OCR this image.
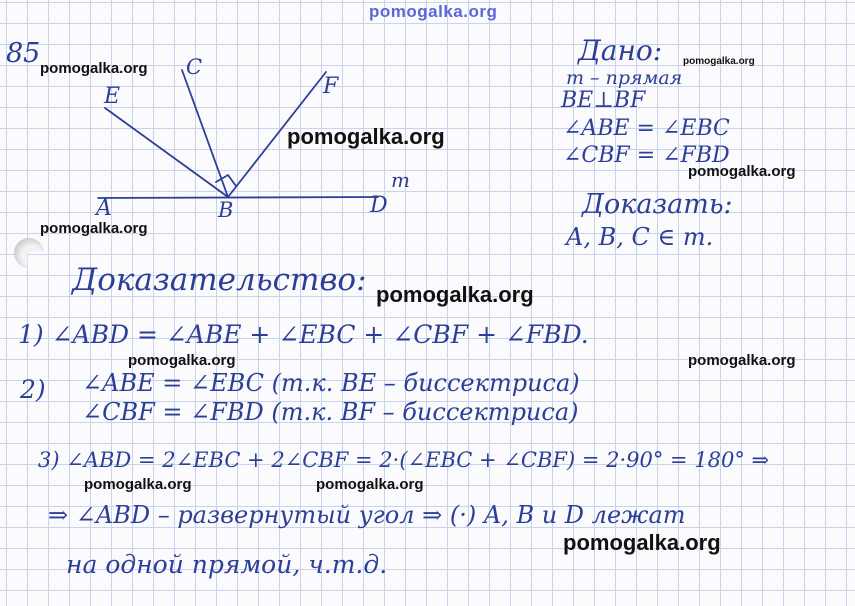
pomogalka.org
85
A	B
C
D
E	F
m
Дано:
m – прямая
BE⊥BF
∠ABE = ∠EBC
∠CBF = ∠FBD
Доказать:
A, B, C ∈ m.
Доказательство:
1) ∠ABD = ∠ABE + ∠EBC + ∠CBF + ∠FBD.
2) ∠ABE = ∠EBC (т.к. BE – биссектриса)
∠CBF = ∠FBD (т.к. BF – биссектриса)
3) ∠ABD = 2∠EBC + 2∠CBF = 2·(∠EBC + ∠CBF) = 2·90° = 180° ⇒
⇒ ∠ABD – развернутый угол ⇒ (·) A, B и D лежат
на одной прямой, ч.т.д.
pomogalka.org	pomogalka.org
pomogalka.org
pomogalka.org
pomogalka.org
pomogalka.org
pomogalka.org	pomogalka.org
pomogalka.org	pomogalka.org
pomogalka.org
